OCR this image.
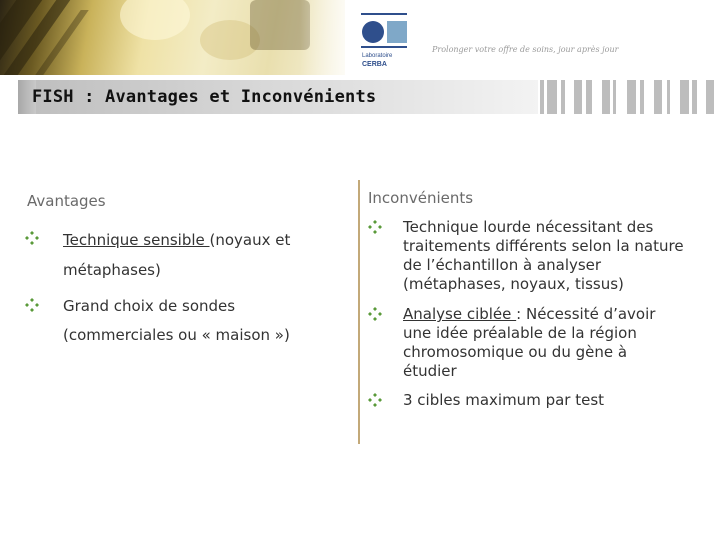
Laboratoire
CERBA
Prolonger votre offre de soins, jour après jour
FISH : Avantages et Inconvénients
Avantages
Technique sensible (noyaux et
métaphases)
Grand choix de sondes
(commerciales ou « maison »)
Inconvénients
Technique lourde nécessitant des traitements différents selon la nature de l’échantillon à analyser (métaphases, noyaux, tissus)
Analyse ciblée : Nécessité d’avoir une idée préalable de la région chromosomique ou du gène à étudier
3 cibles maximum par test
